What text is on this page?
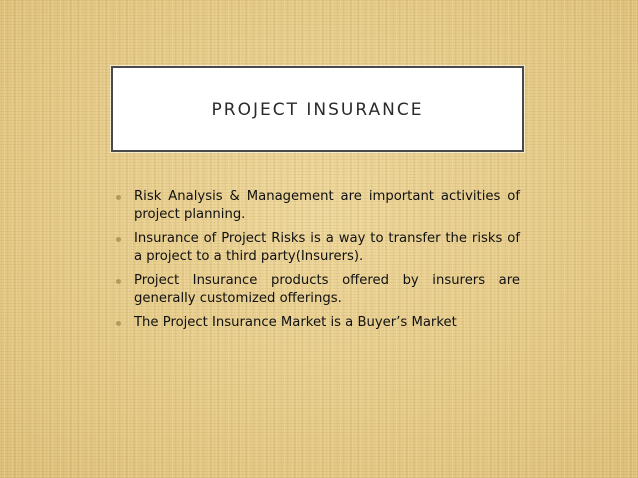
PROJECT INSURANCE
Risk Analysis & Management are important activities of project planning.
Insurance of Project Risks is a way to transfer the risks of a project to a third party(Insurers).
Project Insurance products offered by insurers are generally customized offerings.
The Project Insurance Market is a Buyer’s Market
